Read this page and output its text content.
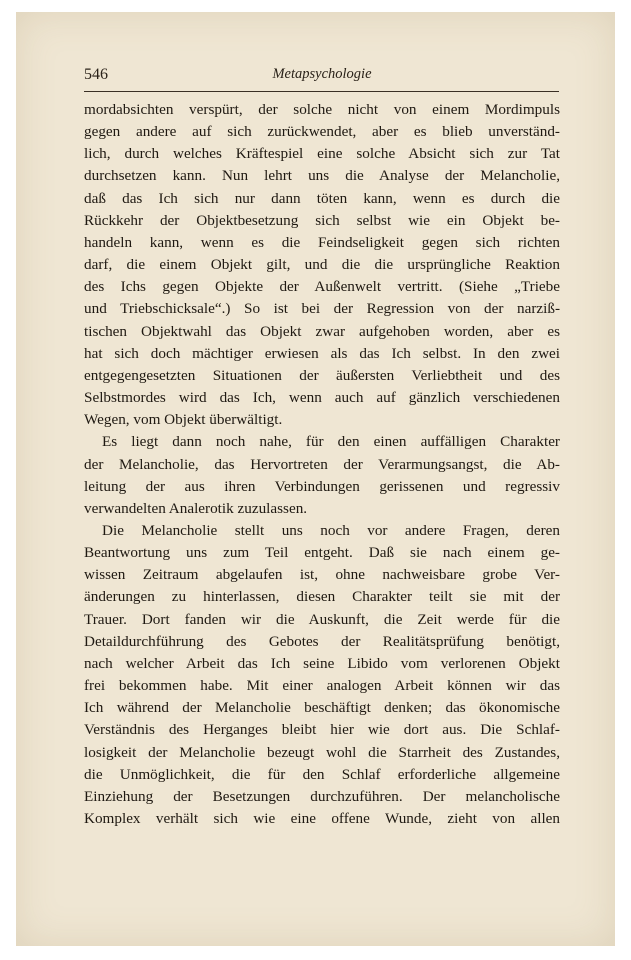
546	Metapsychologie
mordabsichten verspürt, der solche nicht von einem Mordimpuls
gegen andere auf sich zurückwendet, aber es blieb unverständ-
lich, durch welches Kräftespiel eine solche Absicht sich zur Tat
durchsetzen kann. Nun lehrt uns die Analyse der Melancholie,
daß das Ich sich nur dann töten kann, wenn es durch die
Rückkehr der Objektbesetzung sich selbst wie ein Objekt be-
handeln kann, wenn es die Feindseligkeit gegen sich richten
darf, die einem Objekt gilt, und die die ursprüngliche Reaktion
des Ichs gegen Objekte der Außenwelt vertritt. (Siehe „Triebe
und Triebschicksale“.) So ist bei der Regression von der narziß-
tischen Objektwahl das Objekt zwar aufgehoben worden, aber es
hat sich doch mächtiger erwiesen als das Ich selbst. In den zwei
entgegengesetzten Situationen der äußersten Verliebtheit und des
Selbstmordes wird das Ich, wenn auch auf gänzlich verschiedenen
Wegen, vom Objekt überwältigt.
Es liegt dann noch nahe, für den einen auffälligen Charakter
der Melancholie, das Hervortreten der Verarmungsangst, die Ab-
leitung der aus ihren Verbindungen gerissenen und regressiv
verwandelten Analerotik zuzulassen.
Die Melancholie stellt uns noch vor andere Fragen, deren
Beantwortung uns zum Teil entgeht. Daß sie nach einem ge-
wissen Zeitraum abgelaufen ist, ohne nachweisbare grobe Ver-
änderungen zu hinterlassen, diesen Charakter teilt sie mit der
Trauer. Dort fanden wir die Auskunft, die Zeit werde für die
Detaildurchführung des Gebotes der Realitätsprüfung benötigt,
nach welcher Arbeit das Ich seine Libido vom verlorenen Objekt
frei bekommen habe. Mit einer analogen Arbeit können wir das
Ich während der Melancholie beschäftigt denken; das ökonomische
Verständnis des Herganges bleibt hier wie dort aus. Die Schlaf-
losigkeit der Melancholie bezeugt wohl die Starrheit des Zustandes,
die Unmöglichkeit, die für den Schlaf erforderliche allgemeine
Einziehung der Besetzungen durchzuführen. Der melancholische
Komplex verhält sich wie eine offene Wunde, zieht von allen
